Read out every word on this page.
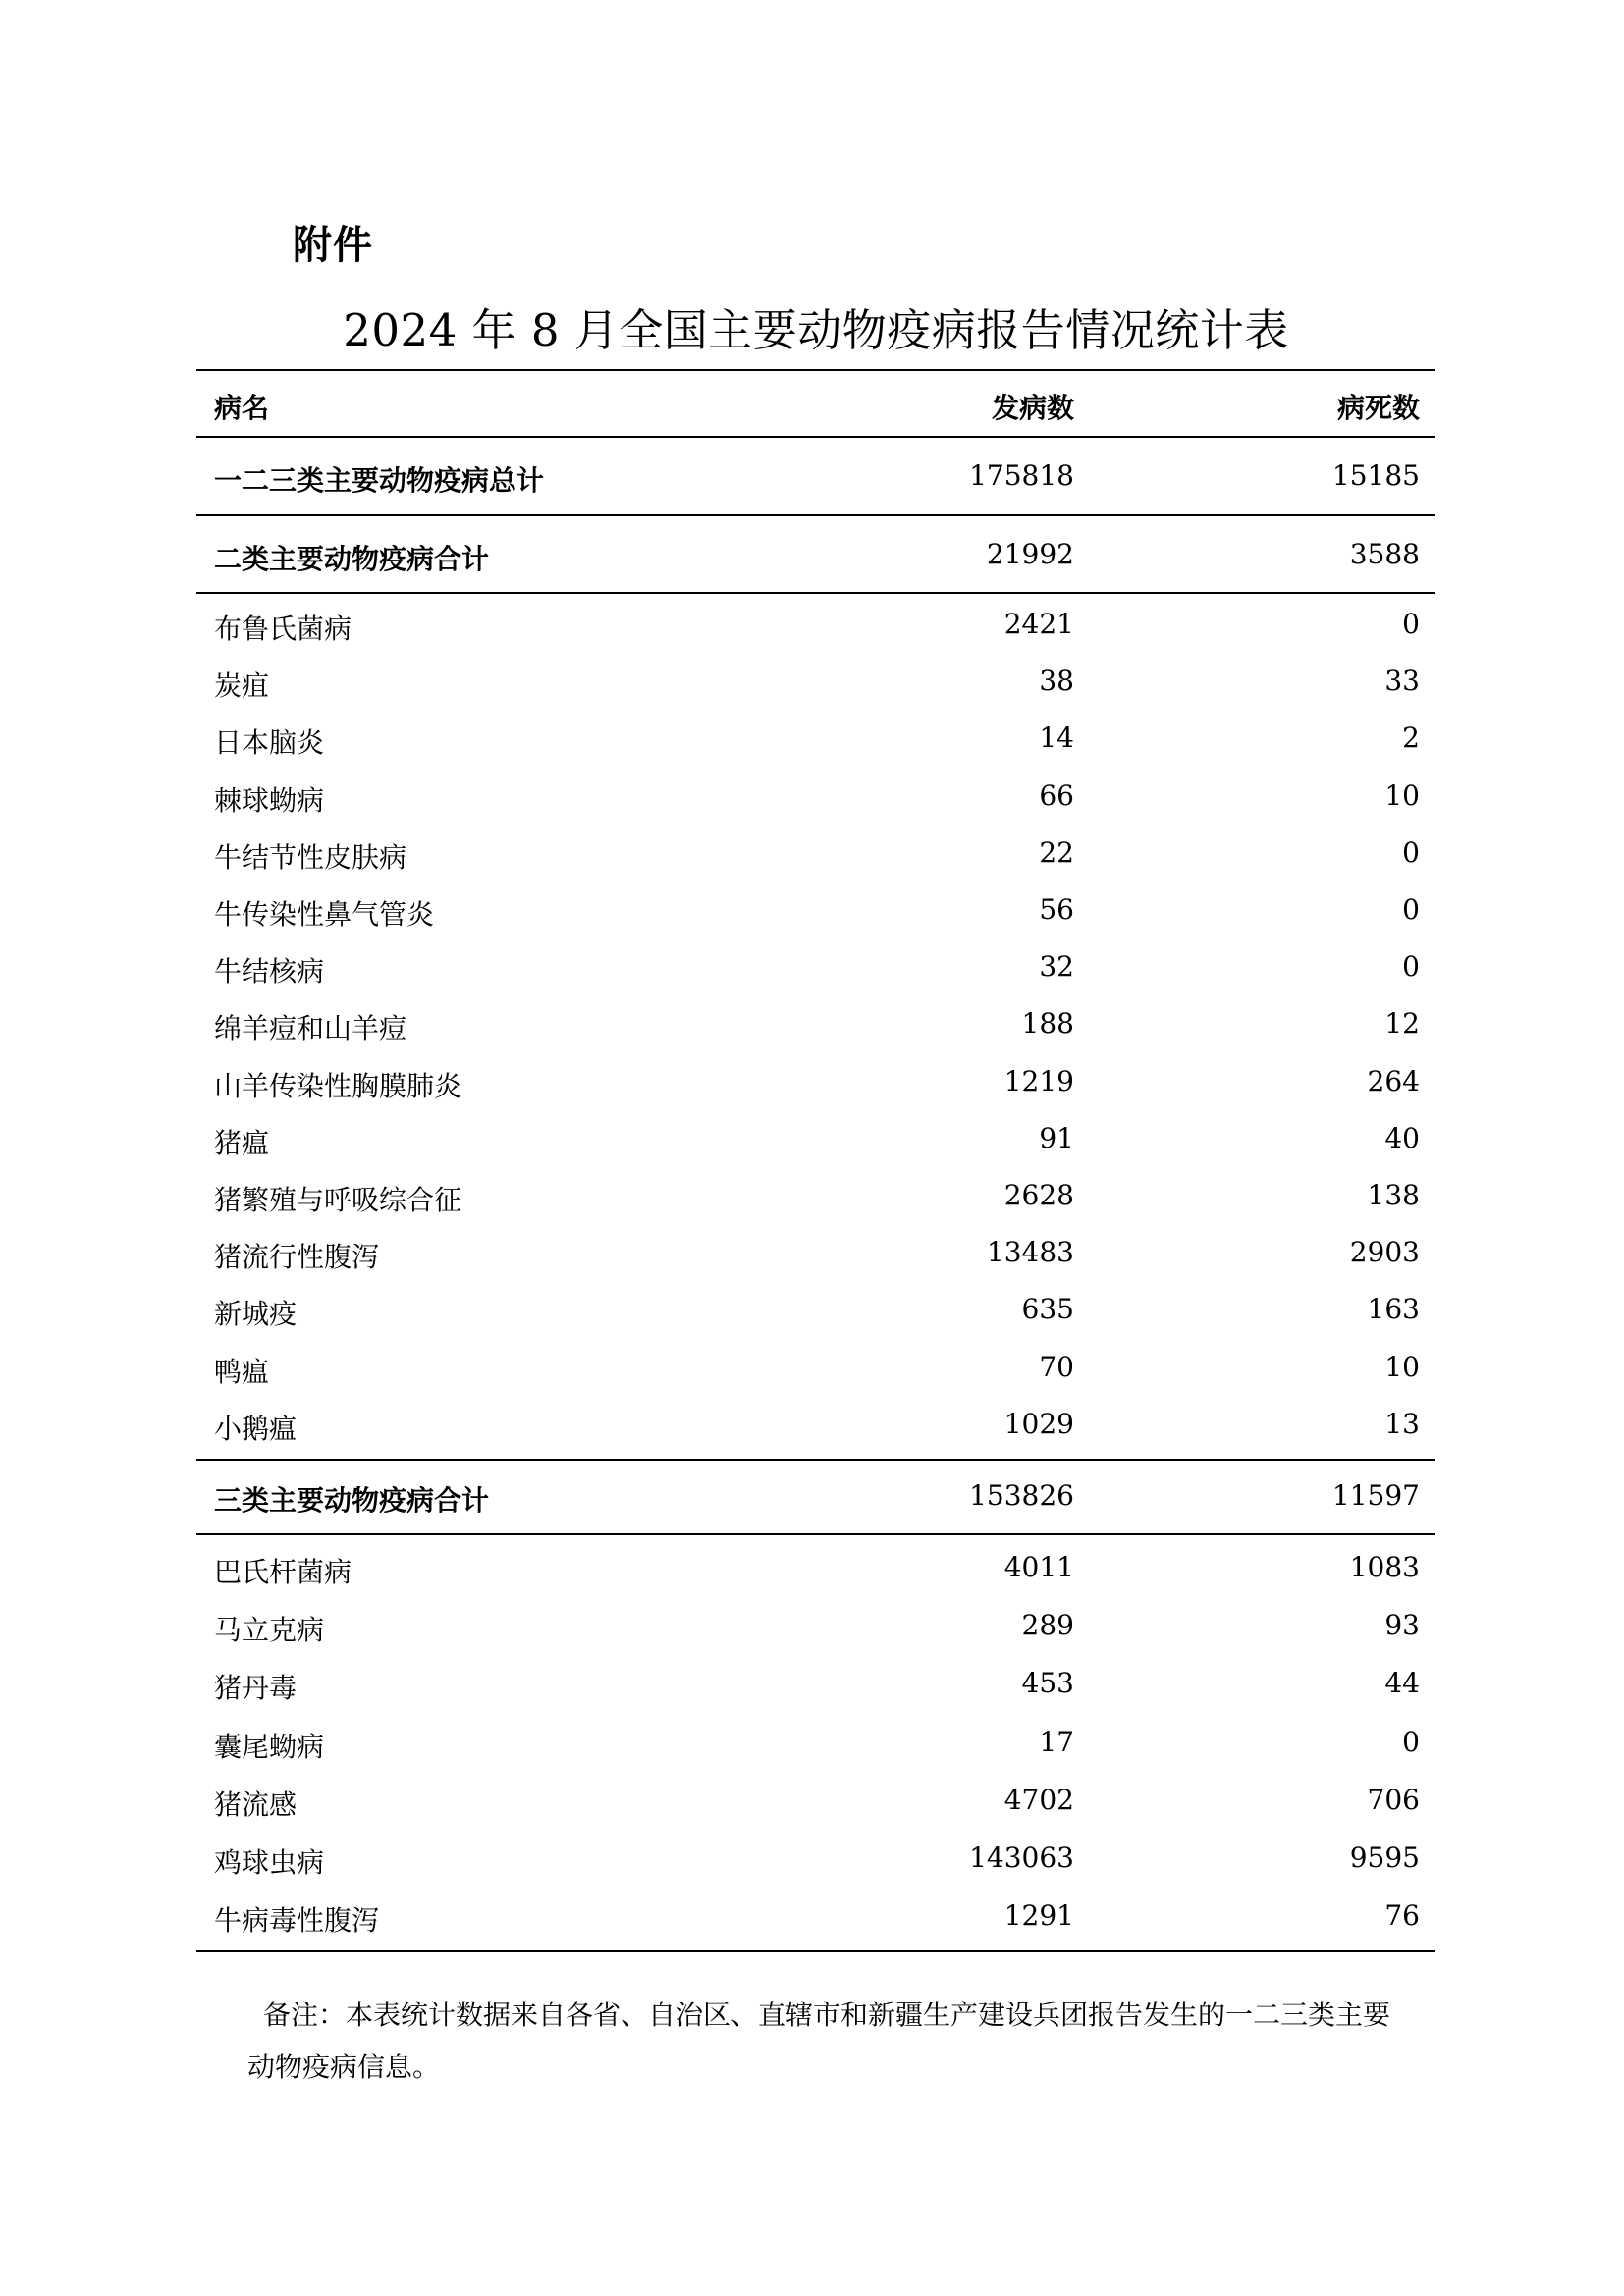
附件
2024 年 8 月全国主要动物疫病报告情况统计表
病名	发病数	病死数
一二三类主要动物疫病总计	175818	15185
二类主要动物疫病合计	21992	3588
布鲁氏菌病	2421	0
炭疽	38	33
日本脑炎	14	2
棘球蚴病	66	10
牛结节性皮肤病	22	0
牛传染性鼻气管炎	56	0
牛结核病	32	0
绵羊痘和山羊痘	188	12
山羊传染性胸膜肺炎	1219	264
猪瘟	91	40
猪繁殖与呼吸综合征	2628	138
猪流行性腹泻	13483	2903
新城疫	635	163
鸭瘟	70	10
小鹅瘟	1029	13
三类主要动物疫病合计	153826	11597
巴氏杆菌病	4011	1083
马立克病	289	93
猪丹毒	453	44
囊尾蚴病	17	0
猪流感	4702	706
鸡球虫病	143063	9595
牛病毒性腹泻	1291	76
备注：本表统计数据来自各省、自治区、直辖市和新疆生产建设兵团报告发生的一二三类主要动物疫病信息。
